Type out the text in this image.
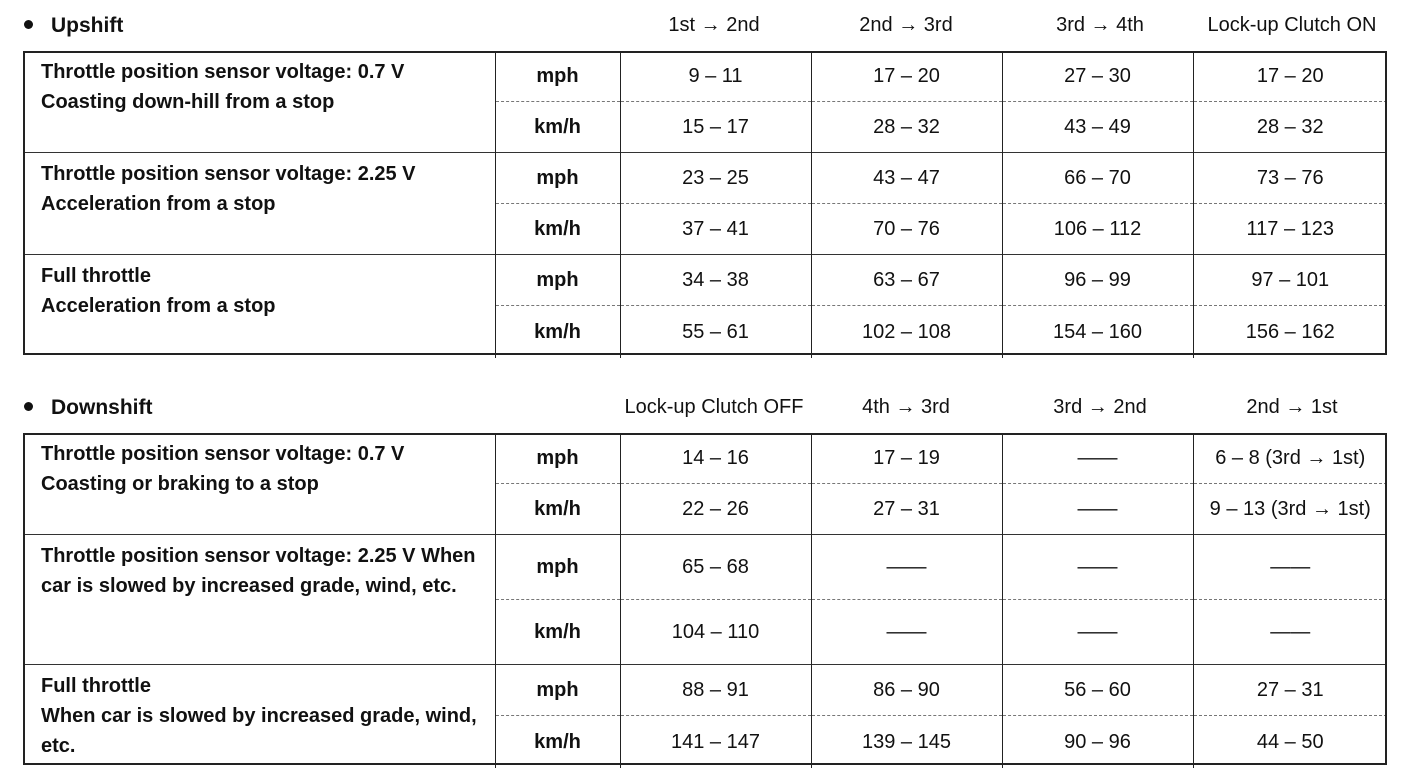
Upshift	1st → 2nd	2nd → 3rd	3rd → 4th	Lock-up Clutch ON
Throttle position sensor voltage: 0.7 V Coasting down-hill from a stop	mph	9 – 11	17 – 20	27 – 30	17 – 20
	km/h	15 – 17	28 – 32	43 – 49	28 – 32
Throttle position sensor voltage: 2.25 V Acceleration from a stop	mph	23 – 25	43 – 47	66 – 70	73 – 76
	km/h	37 – 41	70 – 76	106 – 112	117 – 123
Full throttle
Acceleration from a stop	mph	34 – 38	63 – 67	96 – 99	97 – 101
	km/h	55 – 61	102 – 108	154 – 160	156 – 162
Downshift	Lock-up Clutch OFF	4th → 3rd	3rd → 2nd	2nd → 1st
Throttle position sensor voltage: 0.7 V Coasting or braking to a stop	mph	14 – 16	17 – 19	——	6 – 8 (3rd → 1st)
	km/h	22 – 26	27 – 31	——	9 – 13 (3rd → 1st)
Throttle position sensor voltage: 2.25 V When car is slowed by increased grade, wind, etc.	mph	65 – 68	——	——	——
	km/h	104 – 110	——	——	——
Full throttle
When car is slowed by increased grade, wind, etc.	mph	88 – 91	86 – 90	56 – 60	27 – 31
	km/h	141 – 147	139 – 145	90 – 96	44 – 50
